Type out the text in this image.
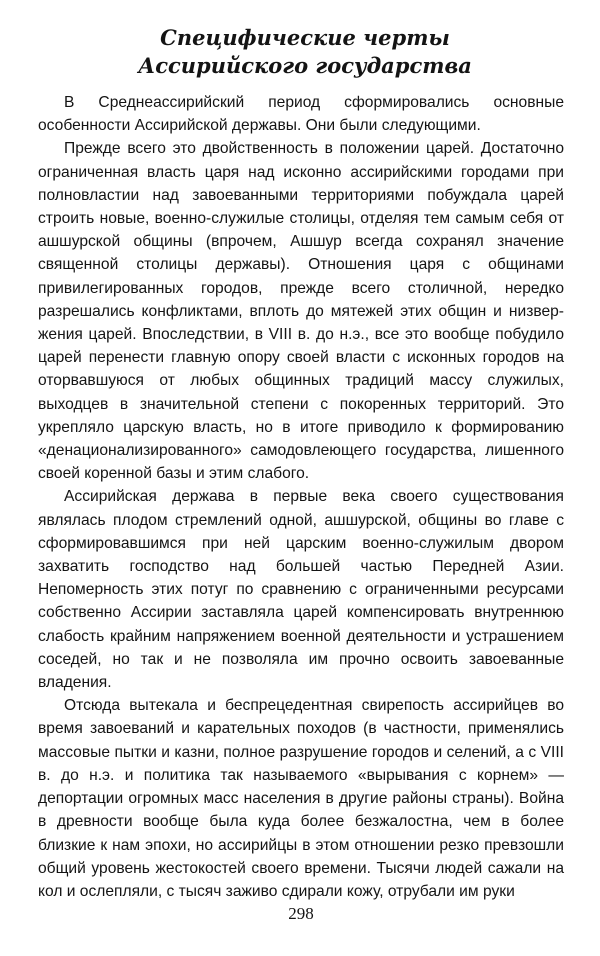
Специфические черты
Ассирийского государства

В Среднеассирийский период сформировались основные особенности Ассирийской державы. Они были следующими.

Прежде всего это двойственность в положении царей. Достаточно ограниченная власть царя над исконно ассирийскими городами при полновластии над завоеванными территориями побуждала царей строить новые, военно-служилые столицы, отделяя тем самым себя от ашшурской общины (впрочем, Ашшур всегда сохранял значение священной столицы державы). Отношения царя с общинами привилегированных городов, прежде всего столичной, нередко разрешались конфликтами, вплоть до мятежей этих общин и низвержения царей. Впоследствии, в VIII в. до н.э., все это вообще побудило царей перенести главную опору своей власти с исконных городов на оторвавшуюся от любых общинных традиций массу служилых, выходцев в значительной степени с покоренных территорий. Это укрепляло царскую власть, но в итоге приводило к формированию «денационализированного» самодовлеющего государства, лишенного своей коренной базы и этим слабого.

Ассирийская держава в первые века своего существования являлась плодом стремлений одной, ашшурской, общины во главе с сформировавшимся при ней царским военно-служилым двором захватить господство над большей частью Передней Азии. Непомерность этих потуг по сравнению с ограниченными ресурсами собственно Ассирии заставляла царей компенсировать внутреннюю слабость крайним напряжением военной деятельности и устрашением соседей, но так и не позволяла им прочно освоить завоеванные владения.

Отсюда вытекала и беспрецедентная свирепость ассирийцев во время завоеваний и карательных походов (в частности, применялись массовые пытки и казни, полное разрушение городов и селений, а с VIII в. до н.э. и политика так называемого «вырывания с корнем» — депортации огромных масс населения в другие районы страны). Война в древности вообще была куда более безжалостна, чем в более близкие к нам эпохи, но ассирийцы в этом отношении резко превзошли общий уровень жестокостей своего времени. Тысячи людей сажали на кол и ослепляли, с тысяч заживо сдирали кожу, отрубали им руки

298
